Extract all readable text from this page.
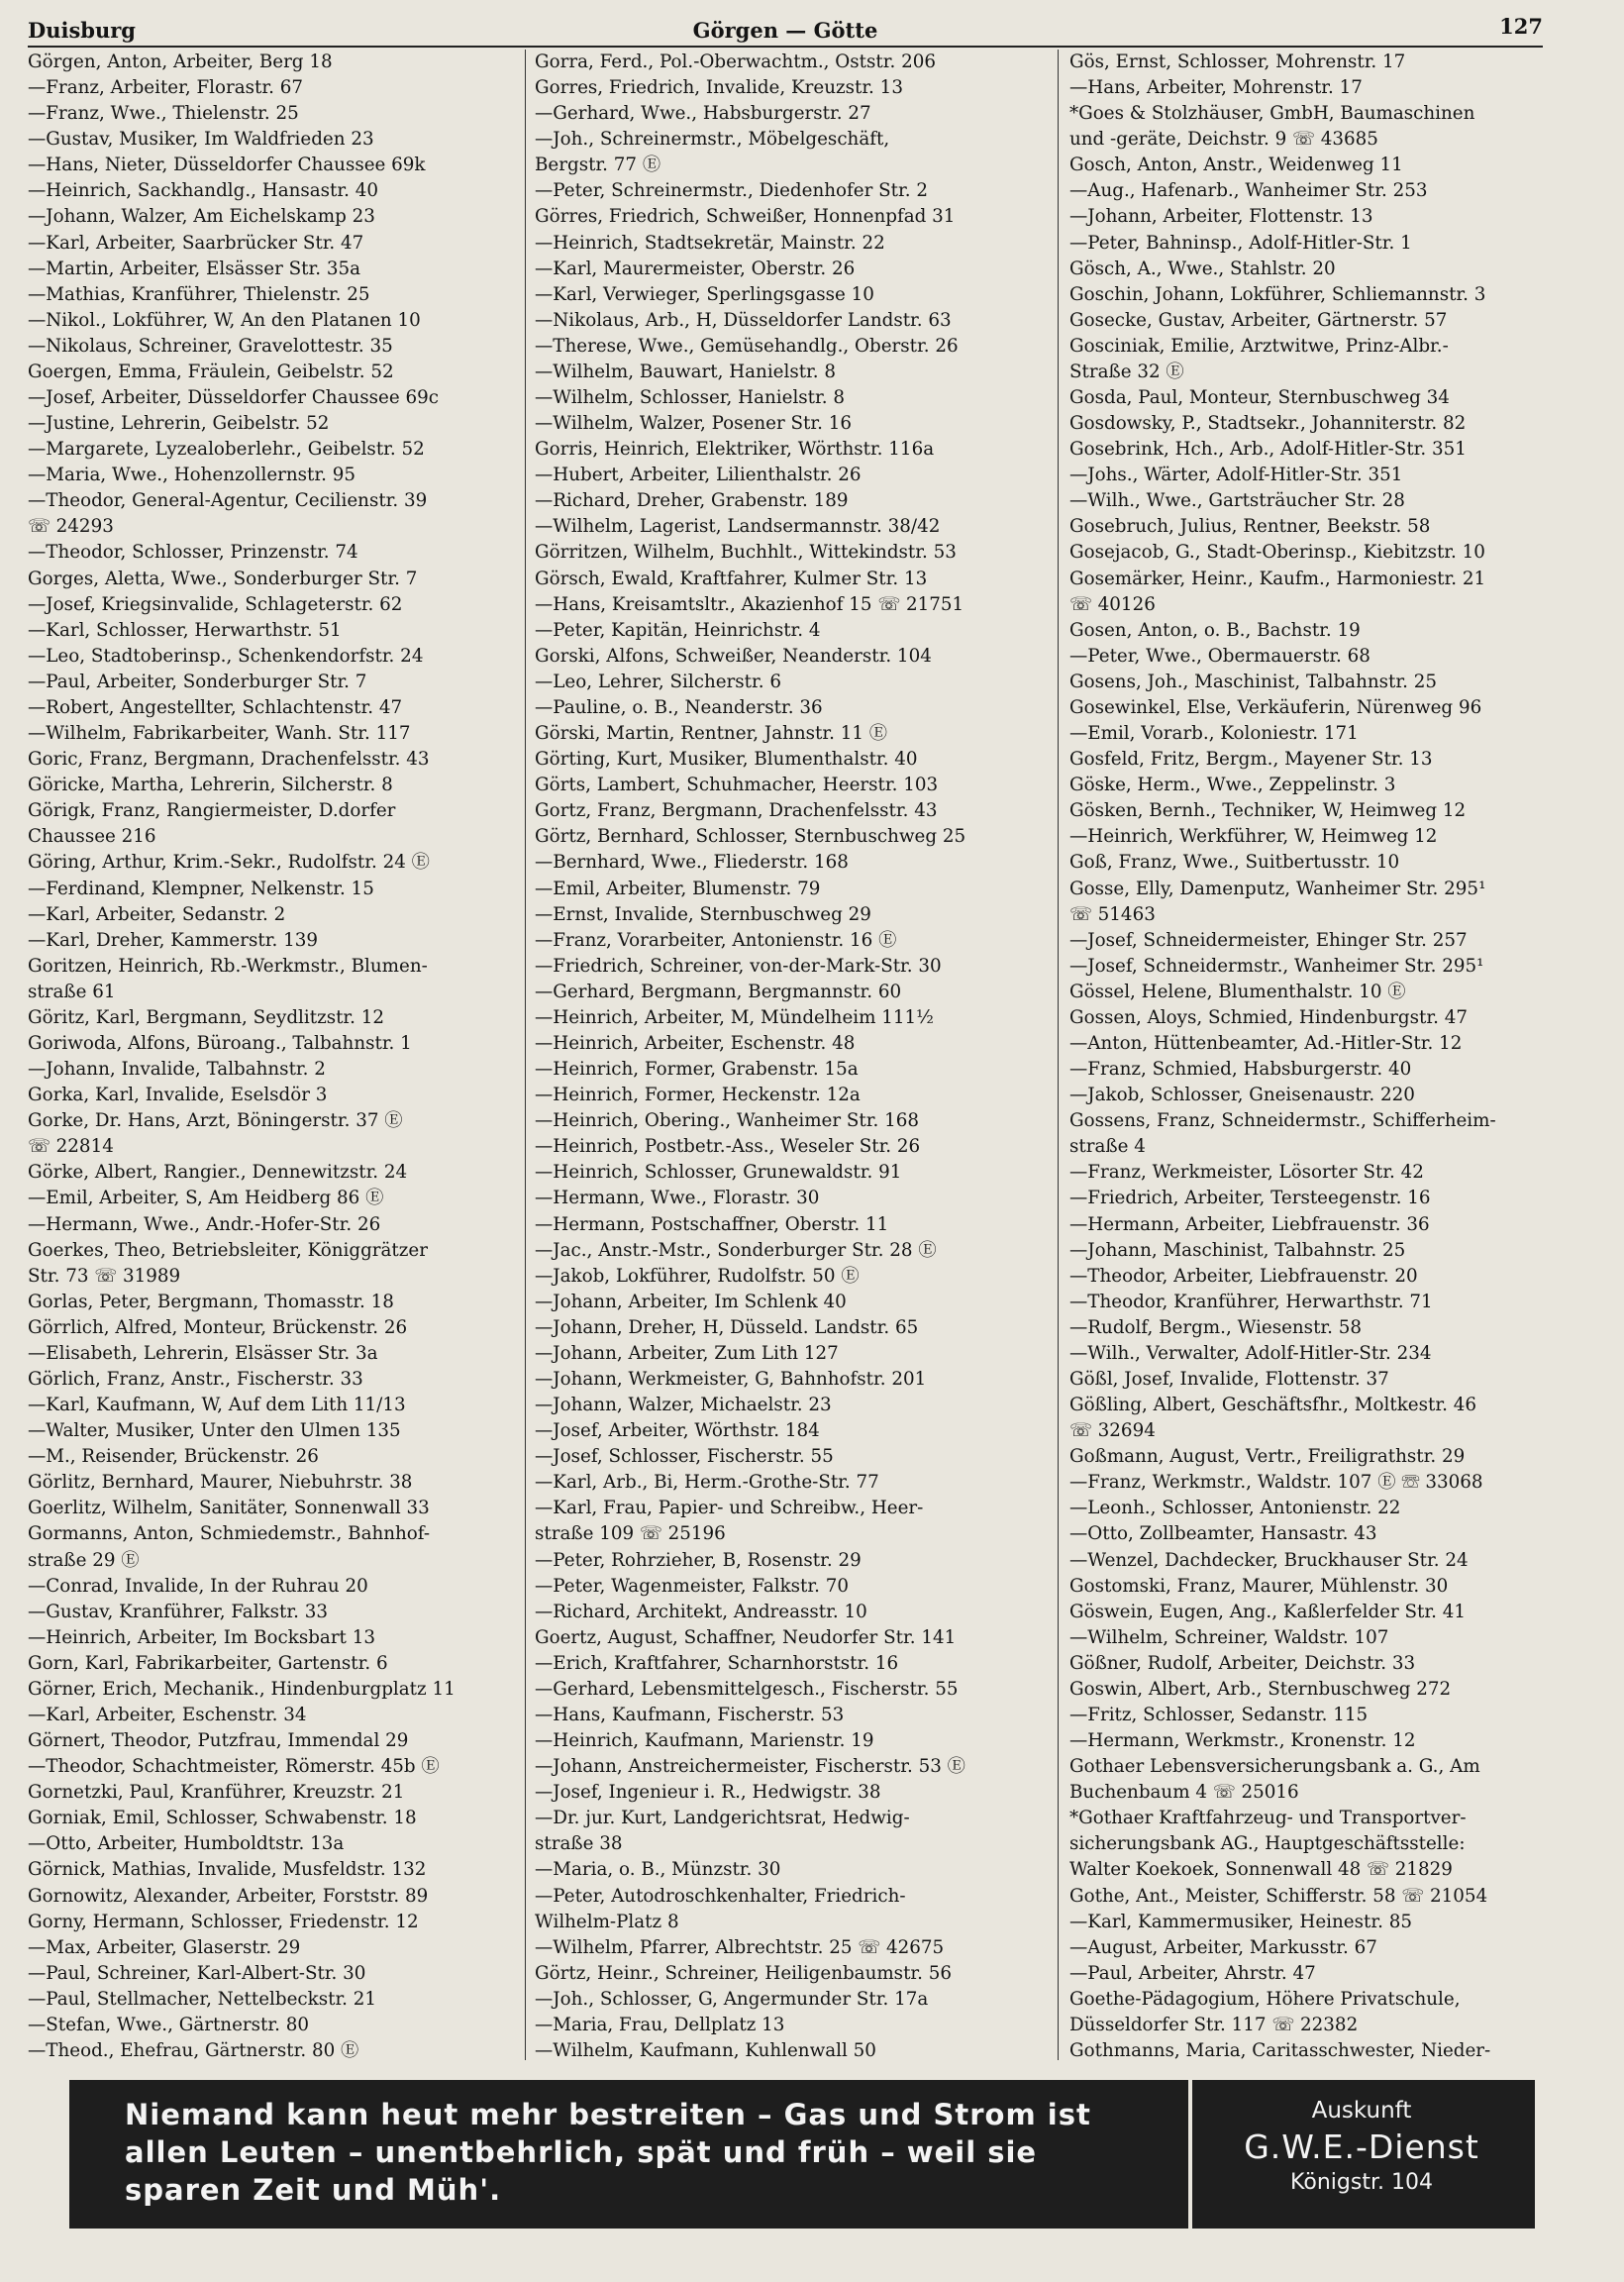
Duisburg	Görgen — Götte	127
Görgen, Anton, Arbeiter, Berg 18
—Franz, Arbeiter, Florastr. 67
—Franz, Wwe., Thielenstr. 25
—Gustav, Musiker, Im Waldfrieden 23
—Hans, Nieter, Düsseldorfer Chaussee 69k
—Heinrich, Sackhandlg., Hansastr. 40
—Johann, Walzer, Am Eichelskamp 23
—Karl, Arbeiter, Saarbrücker Str. 47
—Martin, Arbeiter, Elsässer Str. 35a
—Mathias, Kranführer, Thielenstr. 25
—Nikol., Lokführer, W, An den Platanen 10
—Nikolaus, Schreiner, Gravelottestr. 35
Goergen, Emma, Fräulein, Geibelstr. 52
—Josef, Arbeiter, Düsseldorfer Chaussee 69c
—Justine, Lehrerin, Geibelstr. 52
—Margarete, Lyzealoberlehr., Geibelstr. 52
—Maria, Wwe., Hohenzollernstr. 95
—Theodor, General-Agentur, Cecilienstr. 39
☏ 24293
—Theodor, Schlosser, Prinzenstr. 74
Gorges, Aletta, Wwe., Sonderburger Str. 7
—Josef, Kriegsinvalide, Schlageterstr. 62
—Karl, Schlosser, Herwarthstr. 51
—Leo, Stadtoberinsp., Schenkendorfstr. 24
—Paul, Arbeiter, Sonderburger Str. 7
—Robert, Angestellter, Schlachtenstr. 47
—Wilhelm, Fabrikarbeiter, Wanh. Str. 117
Goric, Franz, Bergmann, Drachenfelsstr. 43
Göricke, Martha, Lehrerin, Silcherstr. 8
Görigk, Franz, Rangiermeister, D.dorfer
Chaussee 216
Göring, Arthur, Krim.-Sekr., Rudolfstr. 24 Ⓔ
—Ferdinand, Klempner, Nelkenstr. 15
—Karl, Arbeiter, Sedanstr. 2
—Karl, Dreher, Kammerstr. 139
Goritzen, Heinrich, Rb.-Werkmstr., Blumen-
straße 61
Göritz, Karl, Bergmann, Seydlitzstr. 12
Goriwoda, Alfons, Büroang., Talbahnstr. 1
—Johann, Invalide, Talbahnstr. 2
Gorka, Karl, Invalide, Eselsdör 3
Gorke, Dr. Hans, Arzt, Böningerstr. 37 Ⓔ
☏ 22814
Görke, Albert, Rangier., Dennewitzstr. 24
—Emil, Arbeiter, S, Am Heidberg 86 Ⓔ
—Hermann, Wwe., Andr.-Hofer-Str. 26
Goerkes, Theo, Betriebsleiter, Königgrätzer
Str. 73 ☏ 31989
Gorlas, Peter, Bergmann, Thomasstr. 18
Görrlich, Alfred, Monteur, Brückenstr. 26
—Elisabeth, Lehrerin, Elsässer Str. 3a
Görlich, Franz, Anstr., Fischerstr. 33
—Karl, Kaufmann, W, Auf dem Lith 11/13
—Walter, Musiker, Unter den Ulmen 135
—M., Reisender, Brückenstr. 26
Görlitz, Bernhard, Maurer, Niebuhrstr. 38
Goerlitz, Wilhelm, Sanitäter, Sonnenwall 33
Gormanns, Anton, Schmiedemstr., Bahnhof-
straße 29 Ⓔ
—Conrad, Invalide, In der Ruhrau 20
—Gustav, Kranführer, Falkstr. 33
—Heinrich, Arbeiter, Im Bocksbart 13
Gorn, Karl, Fabrikarbeiter, Gartenstr. 6
Görner, Erich, Mechanik., Hindenburgplatz 11
—Karl, Arbeiter, Eschenstr. 34
Görnert, Theodor, Putzfrau, Immendal 29
—Theodor, Schachtmeister, Römerstr. 45b Ⓔ
Gornetzki, Paul, Kranführer, Kreuzstr. 21
Gorniak, Emil, Schlosser, Schwabenstr. 18
—Otto, Arbeiter, Humboldtstr. 13a
Görnick, Mathias, Invalide, Musfeldstr. 132
Gornowitz, Alexander, Arbeiter, Forststr. 89
Gorny, Hermann, Schlosser, Friedenstr. 12
—Max, Arbeiter, Glaserstr. 29
—Paul, Schreiner, Karl-Albert-Str. 30
—Paul, Stellmacher, Nettelbeckstr. 21
—Stefan, Wwe., Gärtnerstr. 80
—Theod., Ehefrau, Gärtnerstr. 80 Ⓔ
Gorra, Ferd., Pol.-Oberwachtm., Oststr. 206
Gorres, Friedrich, Invalide, Kreuzstr. 13
—Gerhard, Wwe., Habsburgerstr. 27
—Joh., Schreinermstr., Möbelgeschäft,
Bergstr. 77 Ⓔ
—Peter, Schreinermstr., Diedenhofer Str. 2
Görres, Friedrich, Schweißer, Honnenpfad 31
—Heinrich, Stadtsekretär, Mainstr. 22
—Karl, Maurermeister, Oberstr. 26
—Karl, Verwieger, Sperlingsgasse 10
—Nikolaus, Arb., H, Düsseldorfer Landstr. 63
—Therese, Wwe., Gemüsehandlg., Oberstr. 26
—Wilhelm, Bauwart, Hanielstr. 8
—Wilhelm, Schlosser, Hanielstr. 8
—Wilhelm, Walzer, Posener Str. 16
Gorris, Heinrich, Elektriker, Wörthstr. 116a
—Hubert, Arbeiter, Lilienthalstr. 26
—Richard, Dreher, Grabenstr. 189
—Wilhelm, Lagerist, Landsermannstr. 38/42
Görritzen, Wilhelm, Buchhlt., Wittekindstr. 53
Görsch, Ewald, Kraftfahrer, Kulmer Str. 13
—Hans, Kreisamtsltr., Akazienhof 15 ☏ 21751
—Peter, Kapitän, Heinrichstr. 4
Gorski, Alfons, Schweißer, Neanderstr. 104
—Leo, Lehrer, Silcherstr. 6
—Pauline, o. B., Neanderstr. 36
Görski, Martin, Rentner, Jahnstr. 11 Ⓔ
Görting, Kurt, Musiker, Blumenthalstr. 40
Görts, Lambert, Schuhmacher, Heerstr. 103
Gortz, Franz, Bergmann, Drachenfelsstr. 43
Görtz, Bernhard, Schlosser, Sternbuschweg 25
—Bernhard, Wwe., Fliederstr. 168
—Emil, Arbeiter, Blumenstr. 79
—Ernst, Invalide, Sternbuschweg 29
—Franz, Vorarbeiter, Antonienstr. 16 Ⓔ
—Friedrich, Schreiner, von-der-Mark-Str. 30
—Gerhard, Bergmann, Bergmannstr. 60
—Heinrich, Arbeiter, M, Mündelheim 111½
—Heinrich, Arbeiter, Eschenstr. 48
—Heinrich, Former, Grabenstr. 15a
—Heinrich, Former, Heckenstr. 12a
—Heinrich, Obering., Wanheimer Str. 168
—Heinrich, Postbetr.-Ass., Weseler Str. 26
—Heinrich, Schlosser, Grunewaldstr. 91
—Hermann, Wwe., Florastr. 30
—Hermann, Postschaffner, Oberstr. 11
—Jac., Anstr.-Mstr., Sonderburger Str. 28 Ⓔ
—Jakob, Lokführer, Rudolfstr. 50 Ⓔ
—Johann, Arbeiter, Im Schlenk 40
—Johann, Dreher, H, Düsseld. Landstr. 65
—Johann, Arbeiter, Zum Lith 127
—Johann, Werkmeister, G, Bahnhofstr. 201
—Johann, Walzer, Michaelstr. 23
—Josef, Arbeiter, Wörthstr. 184
—Josef, Schlosser, Fischerstr. 55
—Karl, Arb., Bi, Herm.-Grothe-Str. 77
—Karl, Frau, Papier- und Schreibw., Heer-
straße 109 ☏ 25196
—Peter, Rohrzieher, B, Rosenstr. 29
—Peter, Wagenmeister, Falkstr. 70
—Richard, Architekt, Andreasstr. 10
Goertz, August, Schaffner, Neudorfer Str. 141
—Erich, Kraftfahrer, Scharnhorststr. 16
—Gerhard, Lebensmittelgesch., Fischerstr. 55
—Hans, Kaufmann, Fischerstr. 53
—Heinrich, Kaufmann, Marienstr. 19
—Johann, Anstreichermeister, Fischerstr. 53 Ⓔ
—Josef, Ingenieur i. R., Hedwigstr. 38
—Dr. jur. Kurt, Landgerichtsrat, Hedwig-
straße 38
—Maria, o. B., Münzstr. 30
—Peter, Autodroschkenhalter, Friedrich-
Wilhelm-Platz 8
—Wilhelm, Pfarrer, Albrechtstr. 25 ☏ 42675
Görtz, Heinr., Schreiner, Heiligenbaumstr. 56
—Joh., Schlosser, G, Angermunder Str. 17a
—Maria, Frau, Dellplatz 13
—Wilhelm, Kaufmann, Kuhlenwall 50
Gös, Ernst, Schlosser, Mohrenstr. 17
—Hans, Arbeiter, Mohrenstr. 17
*Goes & Stolzhäuser, GmbH, Baumaschinen
und -geräte, Deichstr. 9 ☏ 43685
Gosch, Anton, Anstr., Weidenweg 11
—Aug., Hafenarb., Wanheimer Str. 253
—Johann, Arbeiter, Flottenstr. 13
—Peter, Bahninsp., Adolf-Hitler-Str. 1
Gösch, A., Wwe., Stahlstr. 20
Goschin, Johann, Lokführer, Schliemannstr. 3
Gosecke, Gustav, Arbeiter, Gärtnerstr. 57
Gosciniak, Emilie, Arztwitwe, Prinz-Albr.-
Straße 32 Ⓔ
Gosda, Paul, Monteur, Sternbuschweg 34
Gosdowsky, P., Stadtsekr., Johanniterstr. 82
Gosebrink, Hch., Arb., Adolf-Hitler-Str. 351
—Johs., Wärter, Adolf-Hitler-Str. 351
—Wilh., Wwe., Gartsträucher Str. 28
Gosebruch, Julius, Rentner, Beekstr. 58
Gosejacob, G., Stadt-Oberinsp., Kiebitzstr. 10
Gosemärker, Heinr., Kaufm., Harmoniestr. 21
☏ 40126
Gosen, Anton, o. B., Bachstr. 19
—Peter, Wwe., Obermauerstr. 68
Gosens, Joh., Maschinist, Talbahnstr. 25
Gosewinkel, Else, Verkäuferin, Nürenweg 96
—Emil, Vorarb., Koloniestr. 171
Gosfeld, Fritz, Bergm., Mayener Str. 13
Göske, Herm., Wwe., Zeppelinstr. 3
Gösken, Bernh., Techniker, W, Heimweg 12
—Heinrich, Werkführer, W, Heimweg 12
Goß, Franz, Wwe., Suitbertusstr. 10
Gosse, Elly, Damenputz, Wanheimer Str. 295¹
☏ 51463
—Josef, Schneidermeister, Ehinger Str. 257
—Josef, Schneidermstr., Wanheimer Str. 295¹
Gössel, Helene, Blumenthalstr. 10 Ⓔ
Gossen, Aloys, Schmied, Hindenburgstr. 47
—Anton, Hüttenbeamter, Ad.-Hitler-Str. 12
—Franz, Schmied, Habsburgerstr. 40
—Jakob, Schlosser, Gneisenaustr. 220
Gossens, Franz, Schneidermstr., Schifferheim-
straße 4
—Franz, Werkmeister, Lösorter Str. 42
—Friedrich, Arbeiter, Tersteegenstr. 16
—Hermann, Arbeiter, Liebfrauenstr. 36
—Johann, Maschinist, Talbahnstr. 25
—Theodor, Arbeiter, Liebfrauenstr. 20
—Theodor, Kranführer, Herwarthstr. 71
—Rudolf, Bergm., Wiesenstr. 58
—Wilh., Verwalter, Adolf-Hitler-Str. 234
Gößl, Josef, Invalide, Flottenstr. 37
Gößling, Albert, Geschäftsfhr., Moltkestr. 46
☏ 32694
Goßmann, August, Vertr., Freiligrathstr. 29
—Franz, Werkmstr., Waldstr. 107 Ⓔ ☏ 33068
—Leonh., Schlosser, Antonienstr. 22
—Otto, Zollbeamter, Hansastr. 43
—Wenzel, Dachdecker, Bruckhauser Str. 24
Gostomski, Franz, Maurer, Mühlenstr. 30
Göswein, Eugen, Ang., Kaßlerfelder Str. 41
—Wilhelm, Schreiner, Waldstr. 107
Gößner, Rudolf, Arbeiter, Deichstr. 33
Goswin, Albert, Arb., Sternbuschweg 272
—Fritz, Schlosser, Sedanstr. 115
—Hermann, Werkmstr., Kronenstr. 12
Gothaer Lebensversicherungsbank a. G., Am
Buchenbaum 4 ☏ 25016
*Gothaer Kraftfahrzeug- und Transportver-
sicherungsbank AG., Hauptgeschäftsstelle:
Walter Koekoek, Sonnenwall 48 ☏ 21829
Gothe, Ant., Meister, Schifferstr. 58 ☏ 21054
—Karl, Kammermusiker, Heinestr. 85
—August, Arbeiter, Markusstr. 67
—Paul, Arbeiter, Ahrstr. 47
Goethe-Pädagogium, Höhere Privatschule,
Düsseldorfer Str. 117 ☏ 22382
Gothmanns, Maria, Caritasschwester, Nieder-
Niemand kann heut mehr bestreiten – Gas und Strom ist
allen Leuten – unentbehrlich, spät und früh – weil sie
sparen Zeit und Müh'.
Auskunft
G.W.E.-Dienst
Königstr. 104
